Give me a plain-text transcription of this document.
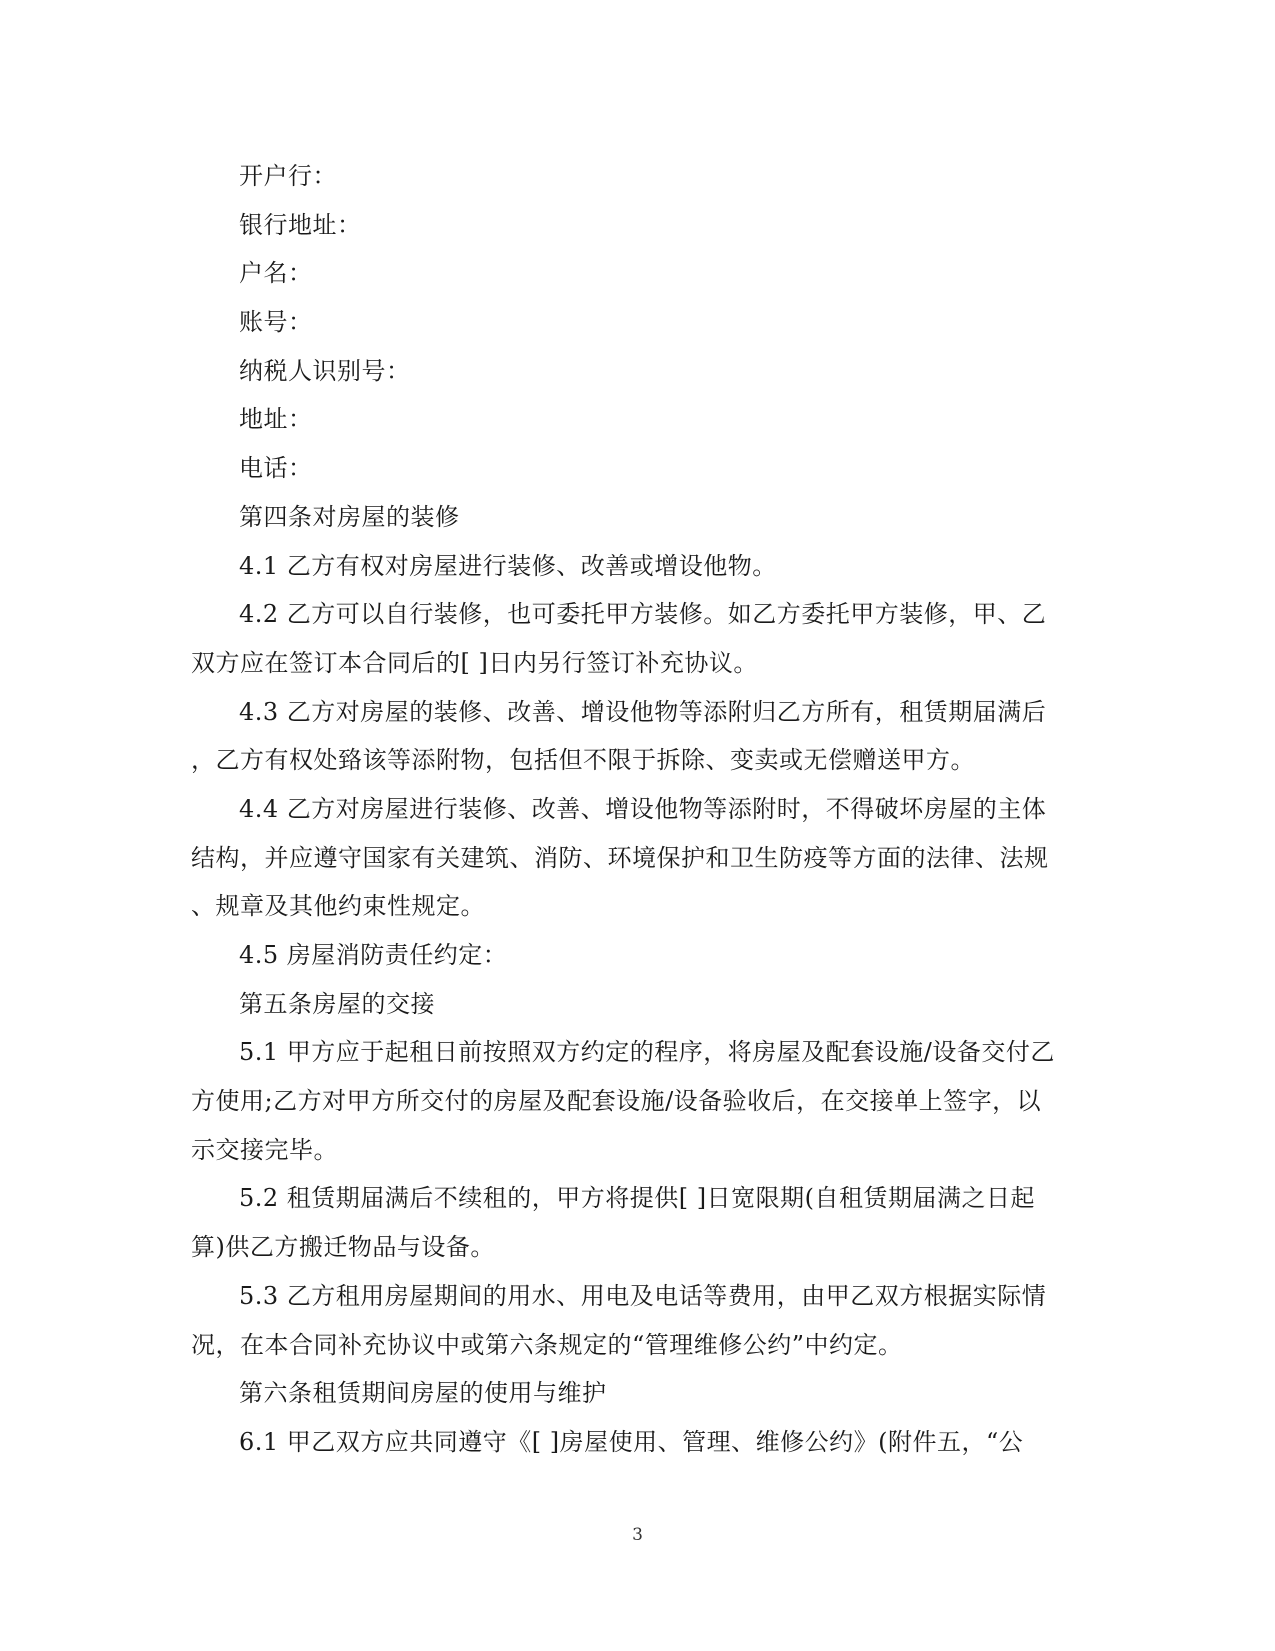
开户行：
银行地址：
户名：
账号：
纳税人识别号：
地址：
电话：
第四条对房屋的装修
4.1 乙方有权对房屋进行装修、改善或增设他物。
4.2 乙方可以自行装修，也可委托甲方装修。如乙方委托甲方装修，甲、乙
双方应在签订本合同后的[ ]日内另行签订补充协议。
4.3 乙方对房屋的装修、改善、增设他物等添附归乙方所有，租赁期届满后
，乙方有权处臵该等添附物，包括但不限于拆除、变卖或无偿赠送甲方。
4.4 乙方对房屋进行装修、改善、增设他物等添附时，不得破坏房屋的主体
结构，并应遵守国家有关建筑、消防、环境保护和卫生防疫等方面的法律、法规
、规章及其他约束性规定。
4.5 房屋消防责任约定：
第五条房屋的交接
5.1 甲方应于起租日前按照双方约定的程序，将房屋及配套设施/设备交付乙
方使用;乙方对甲方所交付的房屋及配套设施/设备验收后，在交接单上签字，以
示交接完毕。
5.2 租赁期届满后不续租的，甲方将提供[ ]日宽限期(自租赁期届满之日起
算)供乙方搬迁物品与设备。
5.3 乙方租用房屋期间的用水、用电及电话等费用，由甲乙双方根据实际情
况，在本合同补充协议中或第六条规定的“管理维修公约”中约定。
第六条租赁期间房屋的使用与维护
6.1 甲乙双方应共同遵守《[ ]房屋使用、管理、维修公约》(附件五，“公
3
